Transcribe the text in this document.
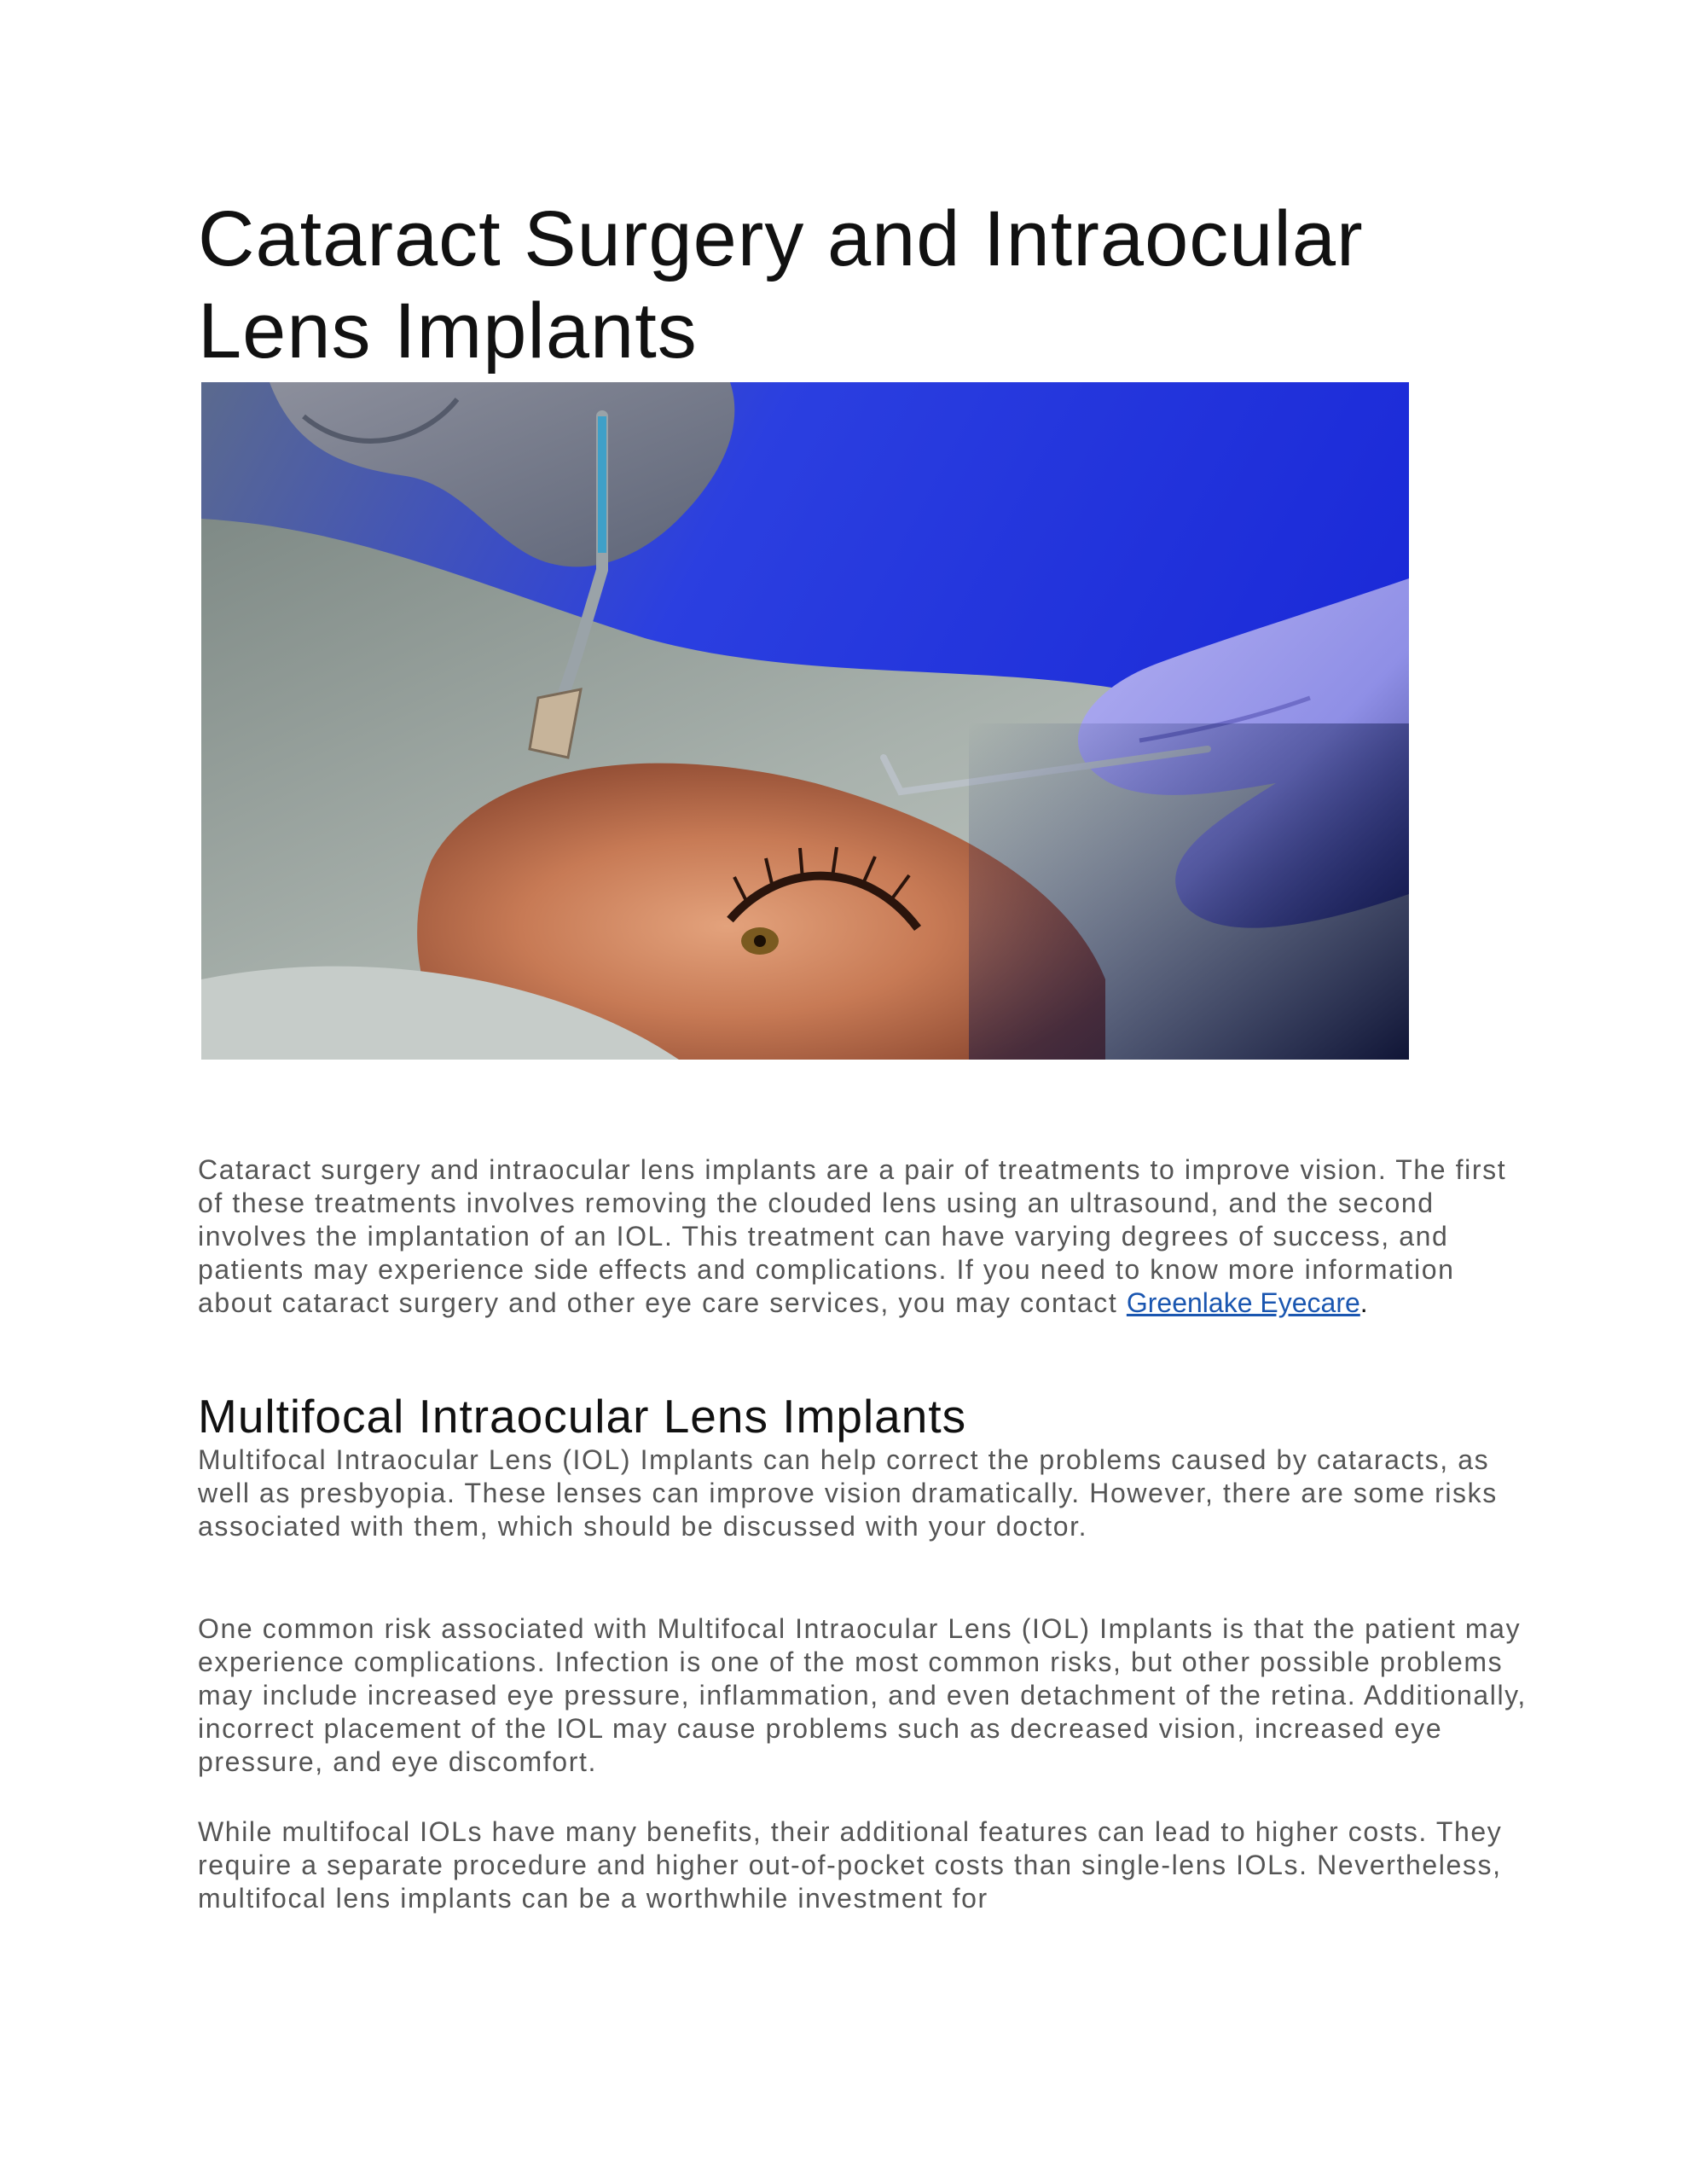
Cataract Surgery and Intraocular Lens Implants

Cataract surgery and intraocular lens implants are a pair of treatments to improve vision. The first of these treatments involves removing the clouded lens using an ultrasound, and the second involves the implantation of an IOL. This treatment can have varying degrees of success, and patients may experience side effects and complications. If you need to know more information about cataract surgery and other eye care services, you may contact Greenlake Eyecare.

Multifocal Intraocular Lens Implants

Multifocal Intraocular Lens (IOL) Implants can help correct the problems caused by cataracts, as well as presbyopia. These lenses can improve vision dramatically. However, there are some risks associated with them, which should be discussed with your doctor.

One common risk associated with Multifocal Intraocular Lens (IOL) Implants is that the patient may experience complications. Infection is one of the most common risks, but other possible problems may include increased eye pressure, inflammation, and even detachment of the retina. Additionally, incorrect placement of the IOL may cause problems such as decreased vision, increased eye pressure, and eye discomfort.

While multifocal IOLs have many benefits, their additional features can lead to higher costs. They require a separate procedure and higher out-of-pocket costs than single-lens IOLs. Nevertheless, multifocal lens implants can be a worthwhile investment for
